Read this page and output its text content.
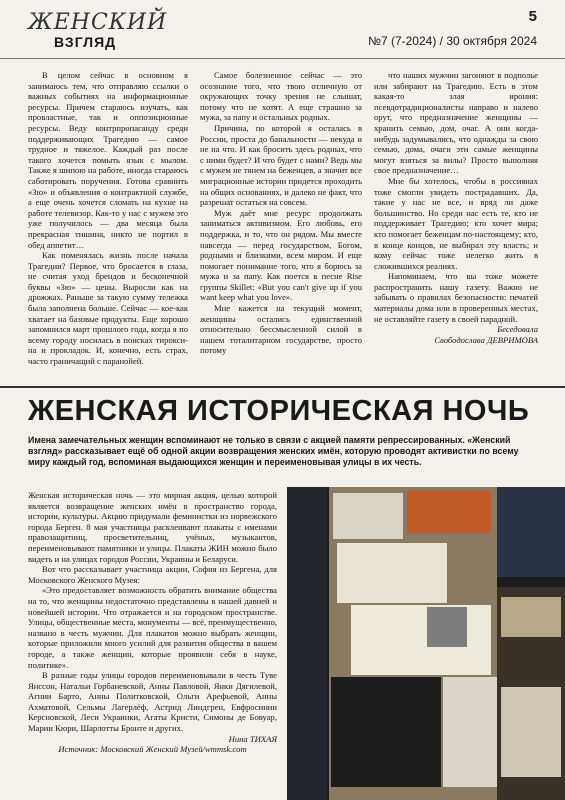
ЖЕНСКИЙ
ВЗГЛЯД
5
№7 (7-2024) / 30 октября 2024

В целом сейчас в основном я занимаюсь тем, что отправляю ссылки о важных событиях на информационные ресурсы. Причем стараюсь изучать, как провластные, так и оппозиционные ресурсы. Веду контрпропаганду среди поддерживающих Трагедию — самое трудное и тяжелое. Каждый раз после такого хочется помыть язык с мылом. Также я шипою на работе, иногда стараюсь саботировать поручения. Готова сравнить «Зю» и объявления о контрактной службе, а еще очень хочется сломать на кухне на работе телевизор. Как-то у нас с мужем это уже получилось — два месяца была прекрасная тишина, никто не портил в обед аппетит…

Как поменялась жизнь после начала Трагедии? Первое, что бросается в глаза, не считая уход брендов и бесконечной буквы «Зю» — цены. Выросли как на дрожжах. Раньше за такую сумму тележка была заполнена больше. Сейчас — кое-как хватает на базовые продукты. Еще хорошо запомнился март прошлого года, когда я по всему городу носилась в поисках тироксина и прокладок. И, конечно, есть страх, часто граничащий с паранойей.

Самое болезненное сейчас — это осознание того, что твою отличную от окружающих точку зрения не слышат, потому что не хотят. А еще страшно за мужа, за папу и остальных родных.

Причина, по которой я осталась в России, проста до банальности — некуда и не на что. И как бросить здесь родных, что с ними будет? И что будет с нами? Ведь мы с мужем не тянем на беженцев, а значит все миграционные истории придется проходить на общих основаниях, и далеко не факт, что разрешат остаться на совсем.

Муж даёт мне ресурс продолжать заниматься активизмом. Его любовь, его поддержка, и то, что он рядом. Мы вместе навсегда — перед государством, Богом, родными и близкими, всем миром. И еще помогает понимание того, что я борюсь за мужа и за папу. Как поется в песне Rise группы Skillet: «But you can't give up if you want keep what you love».

Мне кажется на текущий момент, женщины остались единственной относительно бессмысленной силой в нашем тоталитарном государстве, просто потому

что наших мужчин загоняют в подполье или забирают на Трагедию. Есть в этом какая-то злая ирония: псевдотрадиционалисты направо и налево орут, что предназначение женщины — хранить семью, дом, очаг. А они когда-нибудь задумывались, что однажды за свою семью, дома, очаги эти самые женщины могут взяться за вилы? Просто выполняя свое предназначение…

Мне бы хотелось, чтобы в россиянах тоже смогли увидеть пострадавших. Да, такие у нас не все, и вряд ли даже большинство. Но среди нас есть те, кто не поддерживает Трагедию; кто хочет мира; кто помогает беженцам по-настоящему; кто, в конце концов, не выбирал эту власть; и кому сейчас тоже нелегко жить в сложившихся реалиях.

Напоминаем, что вы тоже можете распространить нашу газету. Важно не забывать о правилах безопасности: печатей материалы дома или в проверенных местах, не оставляйте газету в своей парадной.

Беседовала
Свободослава ДЕВРИМОВА
ЖЕНСКАЯ ИСТОРИЧЕСКАЯ НОЧЬ
Имена замечательных женщин вспоминают не только в связи с акцией памяти репрессированных. «Женский взгляд» рассказывает ещё об одной акции возвращения женских имён, которую проводят активистки по всему миру каждый год, вспоминая выдающихся женщин и переименовывая улицы в их честь.

Женская историческая ночь — это мирная акция, целью которой является возвращение женских имён в пространство города, истории, культуры. Акцию придумали феминистки из норвежского города Берген. 8 мая участницы расклеивают плакаты с именами правозащитниц, просветительниц, учёных, музыкантов, переименовывают памятники и улицы. Плакаты ЖИН можно было видеть и на улицах городов России, Украины и Беларуси.

Вот что рассказывает участница акции, София из Бергена, для Московского Женского Музея:

«Это предоставляет возможность обратить внимание общества на то, что женщины недостаточно представлены в нашей давней и новейшей истории. Что отражается и на городском пространстве. Улицы, общественные места, монументы — всё, преимущественно, названо в честь мужчин. Для плакатов можно выбрать женщин, которые приложили много усилий для развития общества в вашем городе, а также женщин, которые проявили себя в науке, политике».

В разные годы улицы городов переименовывали в честь Туве Янссон, Натальи Горбаневской, Анны Павловой, Янки Дягилевой, Агнии Барто, Анны Политковской, Ольги Арефьевой, Анны Ахматовой, Сельмы Лагерлёф, Астрид Линдгрен, Евфросинии Керсновской, Леси Украинки, Агаты Кристи, Симоны де Бовуар, Марии Кюри, Шарлотты Бронте и других.

Нина ТИХАЯ
Источник: Московский Женский Музей/wmmsk.com
